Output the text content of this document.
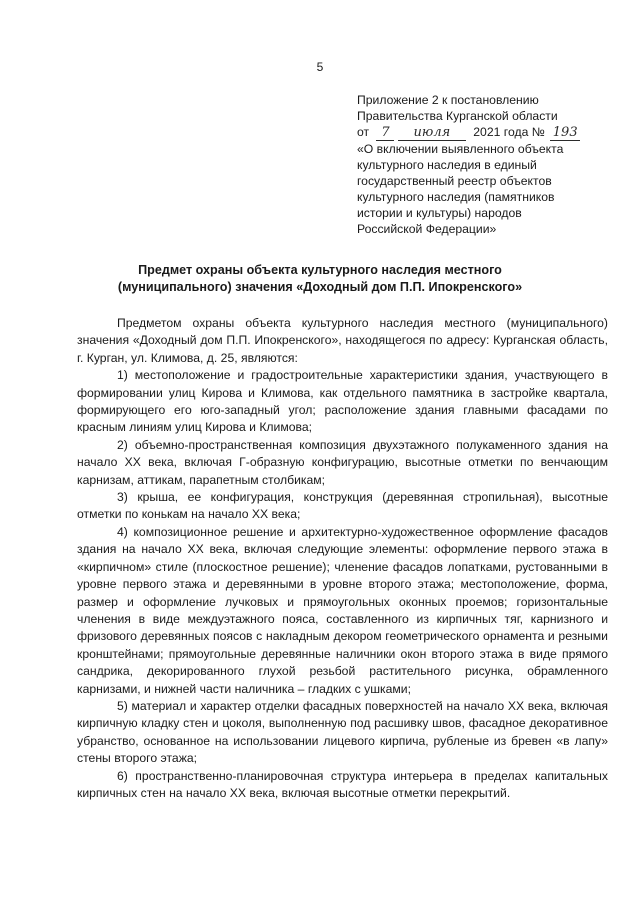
5
Приложение 2 к постановлению
Правительства Курганской области
от 7 июля 2021 года № 193
«О включении выявленного объекта
культурного наследия в единый
государственный реестр объектов
культурного наследия (памятников
истории и культуры) народов
Российской Федерации»
Предмет охраны объекта культурного наследия местного
(муниципального) значения «Доходный дом П.П. Ипокренского»

Предметом охраны объекта культурного наследия местного (муниципального) значения «Доходный дом П.П. Ипокренского», находящегося по адресу: Курганская область, г. Курган, ул. Климова, д. 25, являются:

1) местоположение и градостроительные характеристики здания, участвующего в формировании улиц Кирова и Климова, как отдельного памятника в застройке квартала, формирующего его юго-западный угол; расположение здания главными фасадами по красным линиям улиц Кирова и Климова;

2) объемно-пространственная композиция двухэтажного полукаменного здания на начало XX века, включая Г-образную конфигурацию, высотные отметки по венчающим карнизам, аттикам, парапетным столбикам;

3) крыша, ее конфигурация, конструкция (деревянная стропильная), высотные отметки по конькам на начало XX века;

4) композиционное решение и архитектурно-художественное оформление фасадов здания на начало XX века, включая следующие элементы: оформление первого этажа в «кирпичном» стиле (плоскостное решение); членение фасадов лопатками, рустованными в уровне первого этажа и деревянными в уровне второго этажа; местоположение, форма, размер и оформление лучковых и прямоугольных оконных проемов; горизонтальные членения в виде междуэтажного пояса, составленного из кирпичных тяг, карнизного и фризового деревянных поясов с накладным декором геометрического орнамента и резными кронштейнами; прямоугольные деревянные наличники окон второго этажа в виде прямого сандрика, декорированного глухой резьбой растительного рисунка, обрамленного карнизами, и нижней части наличника – гладких с ушками;

5) материал и характер отделки фасадных поверхностей на начало XX века, включая кирпичную кладку стен и цоколя, выполненную под расшивку швов, фасадное декоративное убранство, основанное на использовании лицевого кирпича, рубленые из бревен «в лапу» стены второго этажа;

6) пространственно-планировочная структура интерьера в пределах капитальных кирпичных стен на начало XX века, включая высотные отметки перекрытий.
